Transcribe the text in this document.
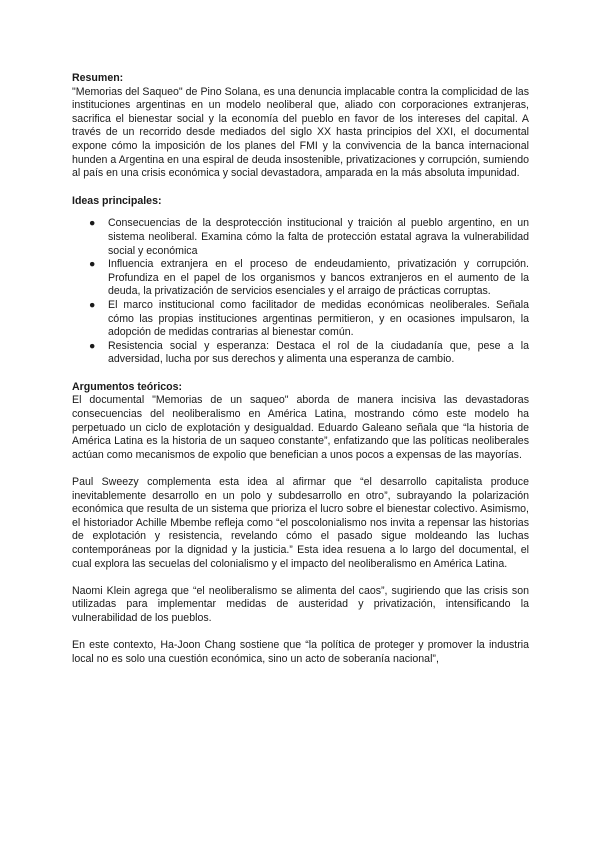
Resumen:

"Memorias del Saqueo" de Pino Solana, es una denuncia implacable contra la complicidad de las instituciones argentinas en un modelo neoliberal que, aliado con corporaciones extranjeras, sacrifica el bienestar social y la economía del pueblo en favor de los intereses del capital. A través de un recorrido desde mediados del siglo XX hasta principios del XXI, el documental expone cómo la imposición de los planes del FMI y la convivencia de la banca internacional hunden a Argentina en una espiral de deuda insostenible, privatizaciones y corrupción, sumiendo al país en una crisis económica y social devastadora, amparada en la más absoluta impunidad.

Ideas principales:

● Consecuencias de la desprotección institucional y traición al pueblo argentino, en un sistema neoliberal. Examina cómo la falta de protección estatal agrava la vulnerabilidad social y económica
● Influencia extranjera en el proceso de endeudamiento, privatización y corrupción. Profundiza en el papel de los organismos y bancos extranjeros en el aumento de la deuda, la privatización de servicios esenciales y el arraigo de prácticas corruptas.
● El marco institucional como facilitador de medidas económicas neoliberales. Señala cómo las propias instituciones argentinas permitieron, y en ocasiones impulsaron, la adopción de medidas contrarias al bienestar común.
● Resistencia social y esperanza: Destaca el rol de la ciudadanía que, pese a la adversidad, lucha por sus derechos y alimenta una esperanza de cambio.

Argumentos teóricos:

El documental "Memorias de un saqueo" aborda de manera incisiva las devastadoras consecuencias del neoliberalismo en América Latina, mostrando cómo este modelo ha perpetuado un ciclo de explotación y desigualdad. Eduardo Galeano señala que “la historia de América Latina es la historia de un saqueo constante”, enfatizando que las políticas neoliberales actúan como mecanismos de expolio que benefician a unos pocos a expensas de las mayorías.

Paul Sweezy complementa esta idea al afirmar que “el desarrollo capitalista produce inevitablemente desarrollo en un polo y subdesarrollo en otro”, subrayando la polarización económica que resulta de un sistema que prioriza el lucro sobre el bienestar colectivo. Asimismo, el historiador Achille Mbembe refleja como “el poscolonialismo nos invita a repensar las historias de explotación y resistencia, revelando cómo el pasado sigue moldeando las luchas contemporáneas por la dignidad y la justicia.” Esta idea resuena a lo largo del documental, el cual explora las secuelas del colonialismo y el impacto del neoliberalismo en América Latina.

Naomi Klein agrega que “el neoliberalismo se alimenta del caos”, sugiriendo que las crisis son utilizadas para implementar medidas de austeridad y privatización, intensificando la vulnerabilidad de los pueblos.

En este contexto, Ha-Joon Chang sostiene que “la política de proteger y promover la industria local no es solo una cuestión económica, sino un acto de soberanía nacional”,
